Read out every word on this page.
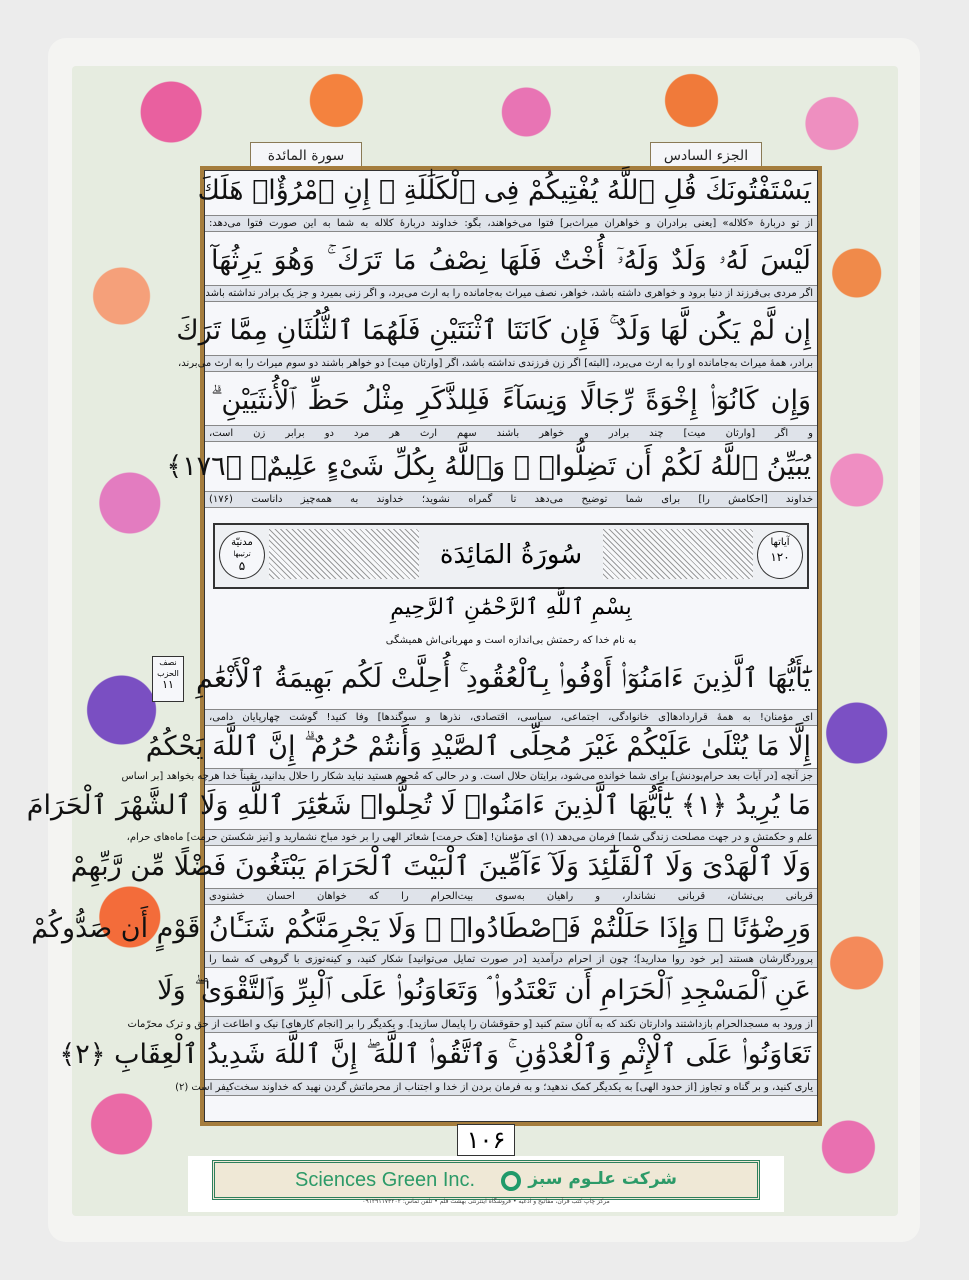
سورة المائدة	الجزء السادس
نصف الحزب
۱۱
يَسْتَفْتُونَكَ قُلِ ٱللَّهُ يُفْتِيكُمْ فِى ٱلْكَلَٰلَةِ ۚ إِنِ ٱمْرُؤٌا۟ هَلَكَ
از تو دربارهٔ «کلاله» [یعنی برادران و خواهران میراث‌بر] فتوا می‌خواهند، بگو: خداوند دربارهٔ کلاله به شما به این صورت فتوا می‌دهد:
لَيْسَ لَهُۥ وَلَدٌ وَلَهُۥٓ أُخْتٌ فَلَهَا نِصْفُ مَا تَرَكَ ۚ وَهُوَ يَرِثُهَآ
اگر مردی بی‌فرزند از دنیا برود و خواهری داشته باشد، خواهر، نصف میراث به‌جامانده را به ارث می‌برد، و اگر زنی بمیرد و جز یک برادر نداشته باشد
إِن لَّمْ يَكُن لَّهَا وَلَدٌ ۚ فَإِن كَانَتَا ٱثْنَتَيْنِ فَلَهُمَا ٱلثُّلُثَانِ مِمَّا تَرَكَ
برادر، همهٔ میراث به‌جامانده او را به ارث می‌برد، [البته] اگر زن فرزندی نداشته باشد، اگر [وارثان میت] دو خواهر باشند دو سوم میراث را به ارث می‌برند،
وَإِن كَانُوٓا۟ إِخْوَةً رِّجَالًا وَنِسَآءً فَلِلذَّكَرِ مِثْلُ حَظِّ ٱلْأُنثَيَيْنِ ۗ
و اگر [وارثان میت] چند برادر و خواهر باشند سهم ارث هر مرد دو برابر زن است،
يُبَيِّنُ ٱللَّهُ لَكُمْ أَن تَضِلُّوا۟ ۗ وَٱللَّهُ بِكُلِّ شَىْءٍ عَلِيمٌۢ ﴿١٧٦﴾
خداوند [احکامش را] برای شما توضیح می‌دهد تا گمراه نشوید؛ خداوند به همه‌چیز داناست (۱۷۶)
آیاتها
۱۲۰
مدنیّة
ترتیبها
۵	سُورَةُ المَائِدَة
بِسْمِ ٱللَّهِ ٱلرَّحْمَٰنِ ٱلرَّحِيمِ
به نام خدا که رحمتش بی‌اندازه است و مهربانی‌اش همیشگی
يَٰٓأَيُّهَا ٱلَّذِينَ ءَامَنُوٓا۟ أَوْفُوا۟ بِٱلْعُقُودِ ۚ أُحِلَّتْ لَكُم بَهِيمَةُ ٱلْأَنْعَٰمِ
ای مؤمنان! به همهٔ قراردادها[ی خانوادگی، اجتماعی، سیاسی، اقتصادی، نذرها و سوگندها] وفا کنید! گوشت چهارپایان دامی،
إِلَّا مَا يُتْلَىٰ عَلَيْكُمْ غَيْرَ مُحِلِّى ٱلصَّيْدِ وَأَنتُمْ حُرُمٌ ۗ إِنَّ ٱللَّهَ يَحْكُمُ
جز آنچه [در آیات بعد حرام‌بودنش] برای شما خوانده می‌شود، برایتان حلال است. و در حالی که مُحرِم هستید نباید شکار را حلال بدانید، یقیناً خدا هرچه بخواهد [بر اساس
مَا يُرِيدُ ﴿١﴾ يَٰٓأَيُّهَا ٱلَّذِينَ ءَامَنُوا۟ لَا تُحِلُّوا۟ شَعَٰٓئِرَ ٱللَّهِ وَلَا ٱلشَّهْرَ ٱلْحَرَامَ
علم و حکمتش و در جهت مصلحت زندگی شما] فرمان می‌دهد (۱) ای مؤمنان! [هتک حرمت] شعائر الهی را بر خود مباح نشمارید و [نیز شکستن حرمت] ماه‌های حرام،
وَلَا ٱلْهَدْىَ وَلَا ٱلْقَلَٰٓئِدَ وَلَآ ءَآمِّينَ ٱلْبَيْتَ ٱلْحَرَامَ يَبْتَغُونَ فَضْلًا مِّن رَّبِّهِمْ
قربانی بی‌نشان، قربانی نشاندار، و راهیان به‌سوی بیت‌الحرام را که خواهان احسان خشنودی
وَرِضْوَٰنًا ۚ وَإِذَا حَلَلْتُمْ فَٱصْطَادُوا۟ ۚ وَلَا يَجْرِمَنَّكُمْ شَنَـَٔانُ قَوْمٍ أَن صَدُّوكُمْ
پروردگارشان هستند [بر خود روا مدارید]؛ چون از احرام درآمدید [در صورت تمایل می‌توانید] شکار کنید، و کینه‌توزی با گروهی که شما را
عَنِ ٱلْمَسْجِدِ ٱلْحَرَامِ أَن تَعْتَدُوا۟ ۘ وَتَعَاوَنُوا۟ عَلَى ٱلْبِرِّ وَٱلتَّقْوَىٰ ۖ وَلَا
از ورود به مسجدالحرام بازداشتند وادارتان نکند که به آنان ستم کنید [و حقوقشان را پایمال سازید]. و یکدیگر را بر [انجام کارهای] نیک و اطاعت از حق و ترک محرّمات
تَعَاوَنُوا۟ عَلَى ٱلْإِثْمِ وَٱلْعُدْوَٰنِ ۚ وَٱتَّقُوا۟ ٱللَّهَ ۖ إِنَّ ٱللَّهَ شَدِيدُ ٱلْعِقَابِ ﴿٢﴾
یاری کنید، و بر گناه و تجاوز [از حدود الهی] به یکدیگر کمک ندهید؛ و به فرمان بردن از خدا و اجتناب از محرماتش گردن نهید که خداوند سخت‌کیفر است (۲)
۱۰۶
Sciences Green Inc.	شرکت علـوم سبز
مرکز چاپ کتب قرآن، مفاتیح و ادعیه • فروشگاه اینترنتی بهشت قلم • تلفن تماس: ۰۹۱۲۹۱۱۷۳۲۰۲
